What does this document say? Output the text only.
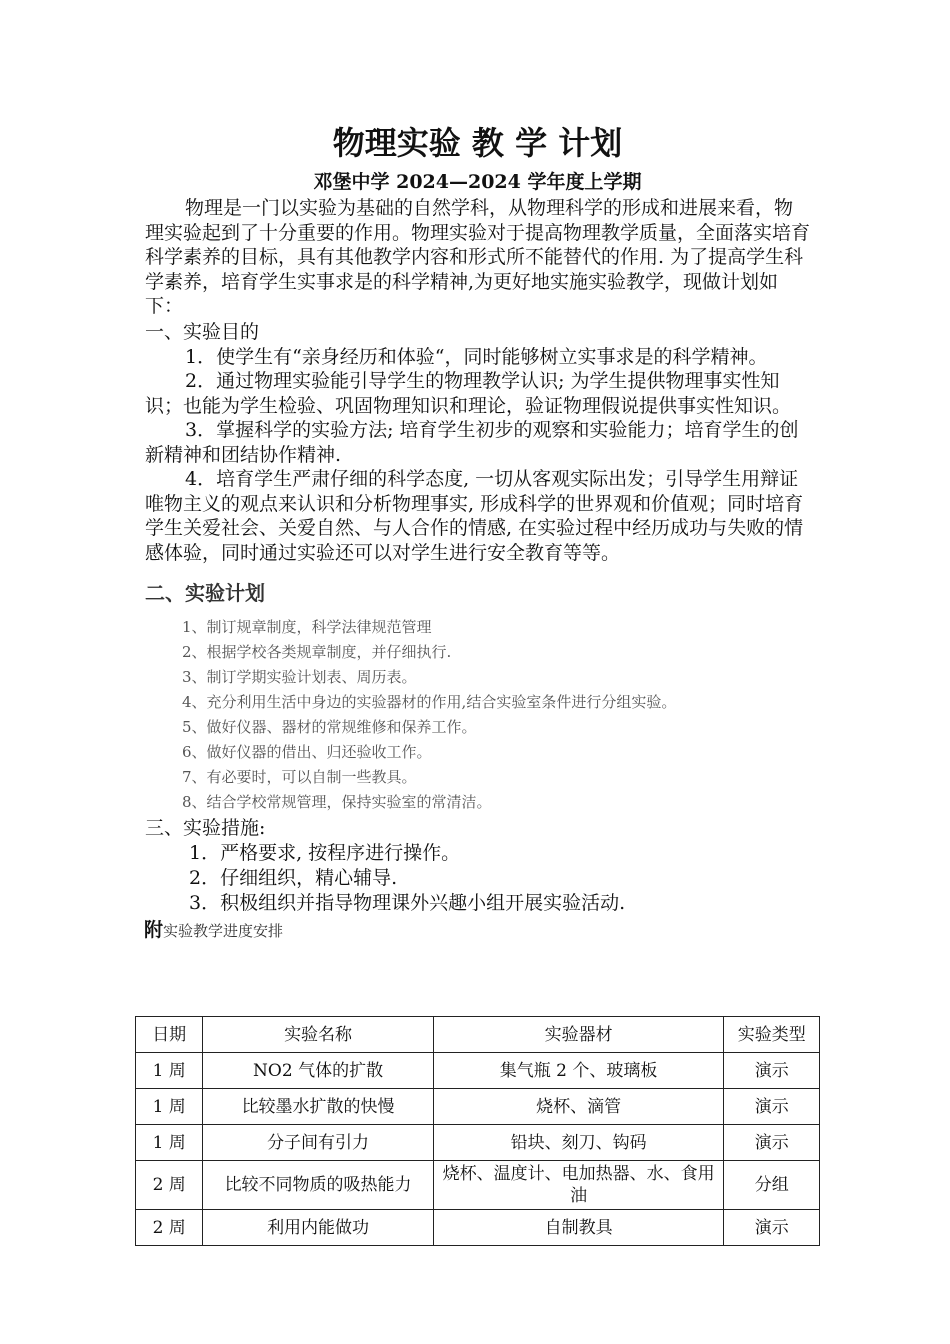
物理实验 教 学 计划

邓堡中学 2024—2024 学年度上学期

物理是一门以实验为基础的自然学科，从物理科学的形成和进展来看，物理实验起到了十分重要的作用。物理实验对于提高物理教学质量，全面落实培育科学素养的目标，具有其他教学内容和形式所不能替代的作用. 为了提高学生科学素养，培育学生实事求是的科学精神,为更好地实施实验教学，现做计划如下：

一、实验目的

1．使学生有“亲身经历和体验“，同时能够树立实事求是的科学精神。

2．通过物理实验能引导学生的物理教学认识; 为学生提供物理事实性知识；也能为学生检验、巩固物理知识和理论，验证物理假说提供事实性知识。

3．掌握科学的实验方法; 培育学生初步的观察和实验能力；培育学生的创新精神和团结协作精神.

4．培育学生严肃仔细的科学态度, 一切从客观实际出发；引导学生用辩证唯物主义的观点来认识和分析物理事实, 形成科学的世界观和价值观；同时培育学生关爱社会、关爱自然、与人合作的情感, 在实验过程中经历成功与失败的情感体验，同时通过实验还可以对学生进行安全教育等等。

二、实验计划

1、制订规章制度，科学法律规范管理
2、根据学校各类规章制度，并仔细执行.
3、制订学期实验计划表、周历表。
4、充分利用生活中身边的实验器材的作用,结合实验室条件进行分组实验。
5、做好仪器、器材的常规维修和保养工作。
6、做好仪器的借出、归还验收工作。
7、有必要时，可以自制一些教具。
8、结合学校常规管理，保持实验室的常清洁。

三、实验措施:

1．严格要求, 按程序进行操作。

2．仔细组织，精心辅导.

3．积极组织并指导物理课外兴趣小组开展实验活动.

附实验教学进度安排

日期	实验名称	实验器材	实验类型
1 周	NO2 气体的扩散	集气瓶 2 个、玻璃板	演示
1 周	比较墨水扩散的快慢	烧杯、滴管	演示
1 周	分子间有引力	铅块、刻刀、钩码	演示
2 周	比较不同物质的吸热能力	烧杯、温度计、电加热器、水、食用油	分组
2 周	利用内能做功	自制教具	演示
